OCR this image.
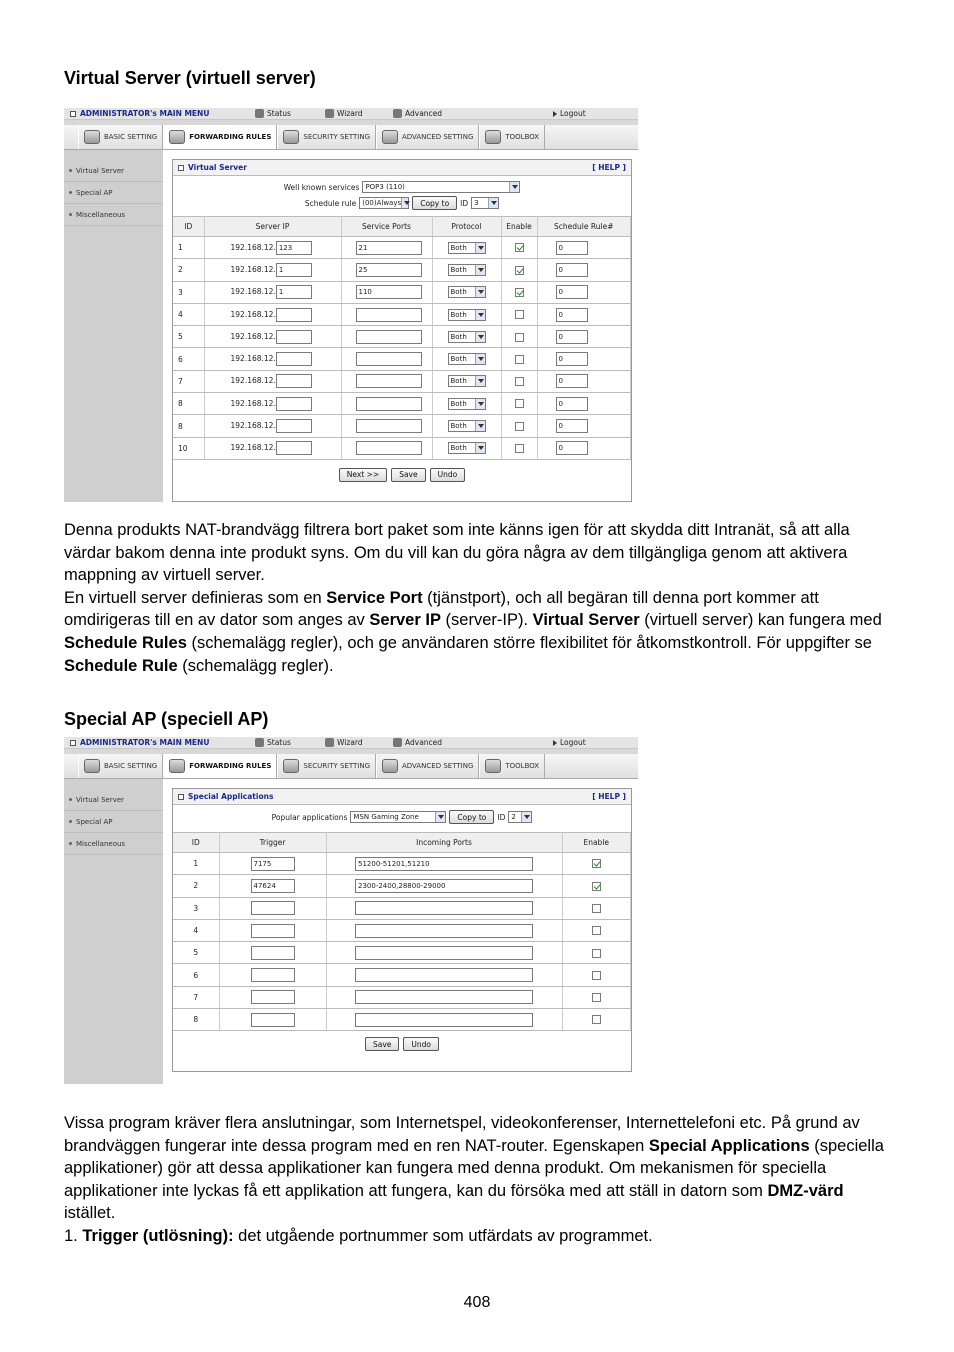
Virtual Server (virtuell server)
ADMINISTRATOR's MAIN MENU	Status	Wizard	Advanced	Logout
BASIC SETTING	FORWARDING RULES	SECURITY SETTING	ADVANCED SETTING	TOOLBOX
Virtual Server
Special AP
Miscellaneous
Virtual Server	[ HELP ]
Well known services POP3 (110)
Schedule rule (00)Always	Copy to	ID 3
ID	Server IP	Service Ports	Protocol	Enable	Schedule Rule#
1	192.168.12. 123	21	Both		0
2	192.168.12. 1	25	Both		0
3	192.168.12. 1	110	Both		0
4	192.168.12.		Both		0
5	192.168.12.		Both		0
6	192.168.12.		Both		0
7	192.168.12.		Both		0
8	192.168.12.		Both		0
8	192.168.12.		Both		0
10	192.168.12.		Both		0
Next >>	Save	Undo

Denna produkts NAT-brandvägg filtrera bort paket som inte känns igen för att skydda ditt Intranät, så att alla värdar bakom denna inte produkt syns. Om du vill kan du göra några av dem tillgängliga genom att aktivera mappning av virtuell server.

En virtuell server definieras som en Service Port (tjänstport), och all begäran till denna port kommer att omdirigeras till en av dator som anges av Server IP (server-IP). Virtual Server (virtuell server) kan fungera med Schedule Rules (schemalägg regler), och ge användaren större flexibilitet för åtkomstkontroll. För uppgifter se Schedule Rule (schemalägg regler).

Special AP (speciell AP)
ADMINISTRATOR's MAIN MENU	Status	Wizard	Advanced	Logout
BASIC SETTING	FORWARDING RULES	SECURITY SETTING	ADVANCED SETTING	TOOLBOX
Virtual Server
Special AP
Miscellaneous
Special Applications	[ HELP ]
Popular applications MSN Gaming Zone	Copy to	ID 2
ID	Trigger	Incoming Ports	Enable
1	7175	51200-51201,51210	
2	47624	2300-2400,28800-29000	
3			
4			
5			
6			
7			
8			
Save	Undo

Vissa program kräver flera anslutningar, som Internetspel, videokonferenser, Internettelefoni etc. På grund av brandväggen fungerar inte dessa program med en ren NAT-router. Egenskapen Special Applications (speciella applikationer) gör att dessa applikationer kan fungera med denna produkt. Om mekanismen för speciella applikationer inte lyckas få ett applikation att fungera, kan du försöka med att ställ in datorn som DMZ-värd istället.

1. Trigger (utlösning): det utgående portnummer som utfärdats av programmet.

408
